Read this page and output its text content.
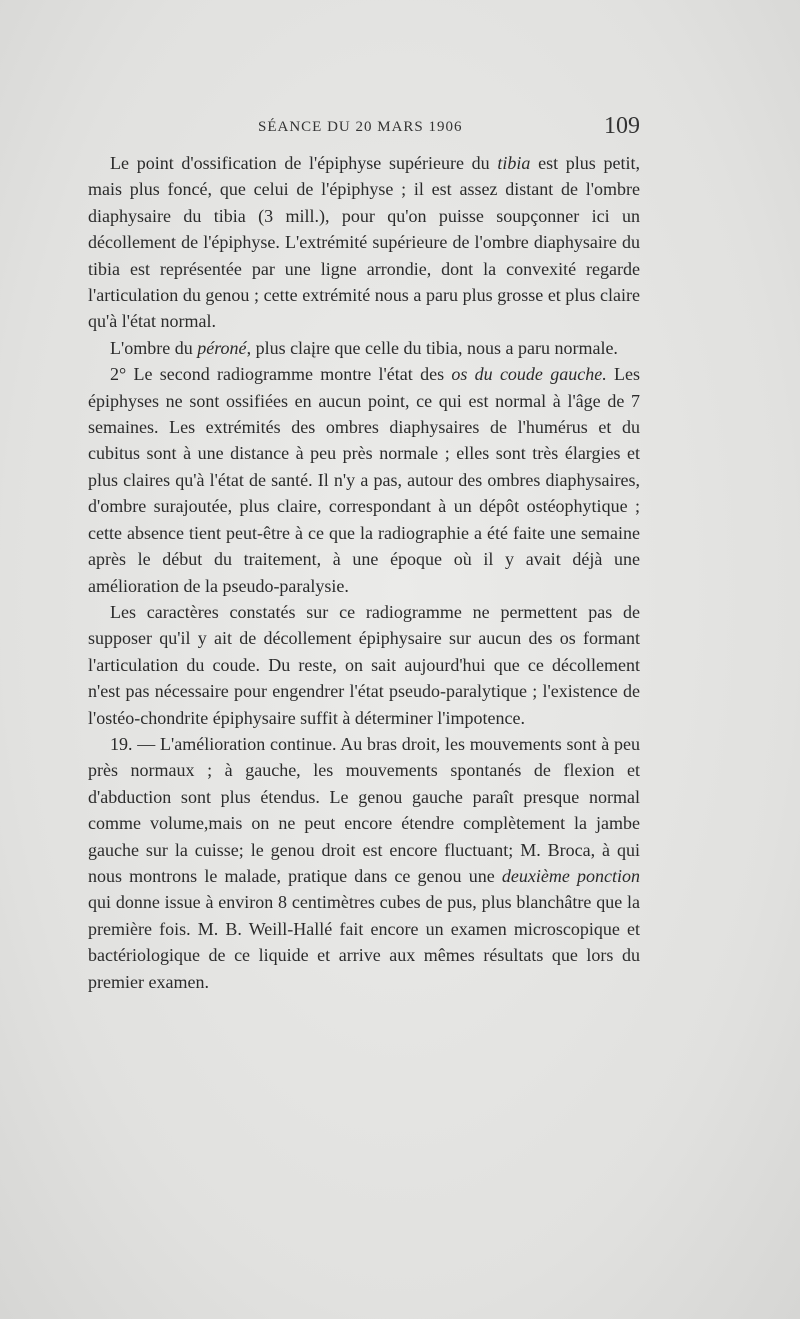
SÉANCE DU 20 MARS 1906	109

Le point d'ossification de l'épiphyse supérieure du tibia est plus petit, mais plus foncé, que celui de l'épiphyse ; il est assez distant de l'ombre diaphysaire du tibia (3 mill.), pour qu'on puisse soupçonner ici un décollement de l'épiphyse. L'extrémité supérieure de l'ombre diaphysaire du tibia est représentée par une ligne arrondie, dont la convexité regarde l'articulation du genou ; cette extrémité nous a paru plus grosse et plus claire qu'à l'état normal.

L'ombre du péroné, plus claįre que celle du tibia, nous a paru normale.

2° Le second radiogramme montre l'état des os du coude gauche. Les épiphyses ne sont ossifiées en aucun point, ce qui est normal à l'âge de 7 semaines. Les extrémités des ombres diaphysaires de l'humérus et du cubitus sont à une distance à peu près normale ; elles sont très élargies et plus claires qu'à l'état de santé. Il n'y a pas, autour des ombres diaphysaires, d'ombre surajoutée, plus claire, correspondant à un dépôt ostéophytique ; cette absence tient peut-être à ce que la radiographie a été faite une semaine après le début du traitement, à une époque où il y avait déjà une amélioration de la pseudo-paralysie.

Les caractères constatés sur ce radiogramme ne permettent pas de supposer qu'il y ait de décollement épiphysaire sur aucun des os formant l'articulation du coude. Du reste, on sait aujourd'hui que ce décollement n'est pas nécessaire pour engendrer l'état pseudo-paralytique ; l'existence de l'ostéo-chondrite épiphysaire suffit à déterminer l'impotence.

19. — L'amélioration continue. Au bras droit, les mouvements sont à peu près normaux ; à gauche, les mouvements spontanés de flexion et d'abduction sont plus étendus. Le genou gauche paraît presque normal comme volume,mais on ne peut encore étendre complètement la jambe gauche sur la cuisse; le genou droit est encore fluctuant; M. Broca, à qui nous montrons le malade, pratique dans ce genou une deuxième ponction qui donne issue à environ 8 centimètres cubes de pus, plus blanchâtre que la première fois. M. B. Weill-Hallé fait encore un examen microscopique et bactériologique de ce liquide et arrive aux mêmes résultats que lors du premier examen.
